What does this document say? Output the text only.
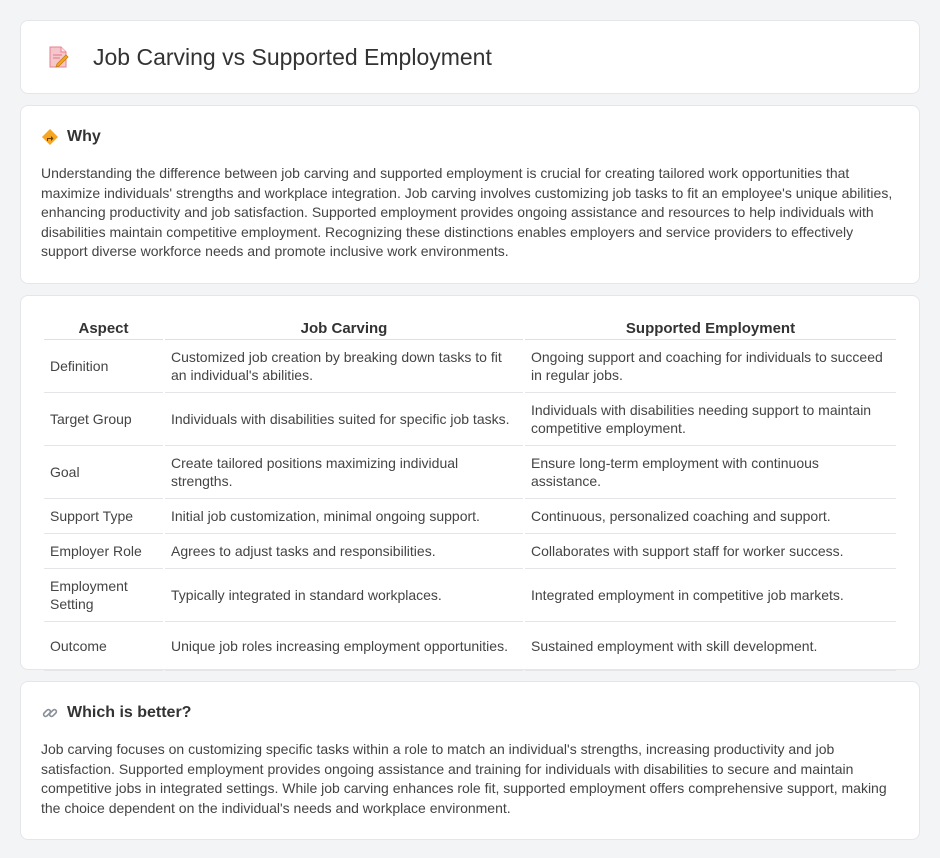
Job Carving vs Supported Employment
Why

Understanding the difference between job carving and supported employment is crucial for creating tailored work opportunities that maximize individuals' strengths and workplace integration. Job carving involves customizing job tasks to fit an employee's unique abilities, enhancing productivity and job satisfaction. Supported employment provides ongoing assistance and resources to help individuals with disabilities maintain competitive employment. Recognizing these distinctions enables employers and service providers to effectively support diverse workforce needs and promote inclusive work environments.

Aspect	Job Carving	Supported Employment
Definition	Customized job creation by breaking down tasks to fit an individual's abilities.	Ongoing support and coaching for individuals to succeed in regular jobs.
Target Group	Individuals with disabilities suited for specific job tasks.	Individuals with disabilities needing support to maintain competitive employment.
Goal	Create tailored positions maximizing individual strengths.	Ensure long-term employment with continuous assistance.
Support Type	Initial job customization, minimal ongoing support.	Continuous, personalized coaching and support.
Employer Role	Agrees to adjust tasks and responsibilities.	Collaborates with support staff for worker success.
Employment Setting	Typically integrated in standard workplaces.	Integrated employment in competitive job markets.
Outcome	Unique job roles increasing employment opportunities.	Sustained employment with skill development.
Which is better?

Job carving focuses on customizing specific tasks within a role to match an individual's strengths, increasing productivity and job satisfaction. Supported employment provides ongoing assistance and training for individuals with disabilities to secure and maintain competitive jobs in integrated settings. While job carving enhances role fit, supported employment offers comprehensive support, making the choice dependent on the individual's needs and workplace environment.
